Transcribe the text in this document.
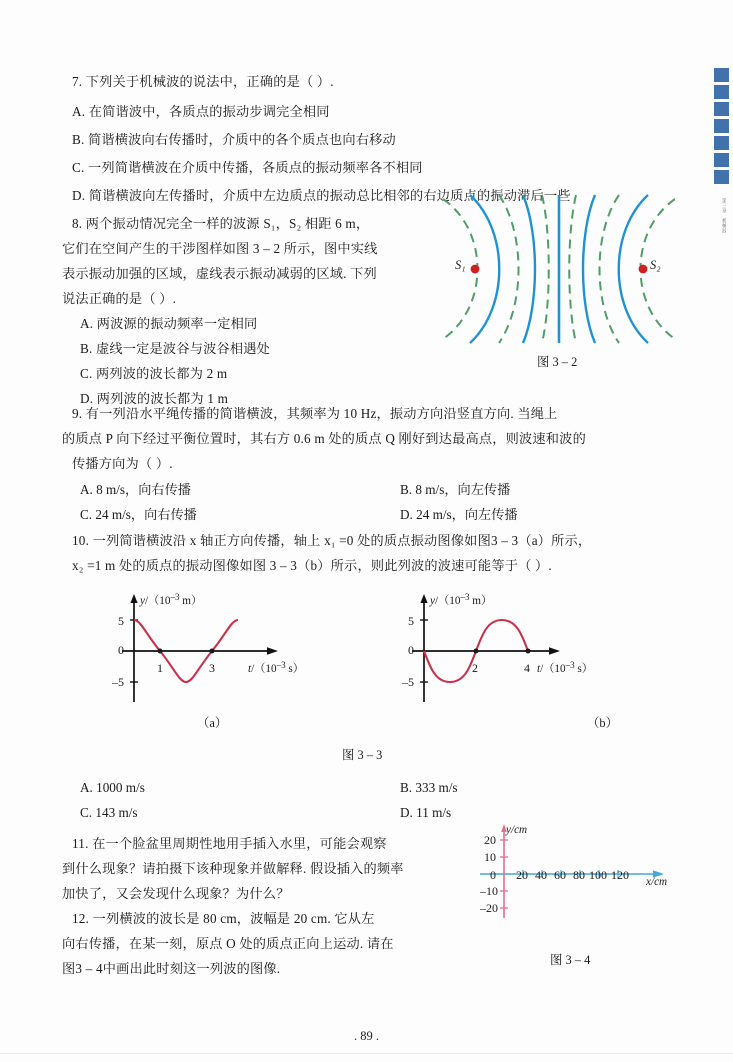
第三章 机械波
7. 下列关于机械波的说法中，正确的是（ ）.
A. 在简谐波中，各质点的振动步调完全相同
B. 简谐横波向右传播时，介质中的各个质点也向右移动
C. 一列简谐横波在介质中传播，各质点的振动频率各不相同
D. 简谐横波向左传播时，介质中左边质点的振动总比相邻的右边质点的振动滞后一些
8. 两个振动情况完全一样的波源 S₁，S₂ 相距 6 m，
它们在空间产生的干涉图样如图 3 – 2 所示，图中实线
表示振动加强的区域，虚线表示振动减弱的区域. 下列
说法正确的是（ ）.
A. 两波源的振动频率一定相同
B. 虚线一定是波谷与波谷相遇处
C. 两列波的波长都为 2 m
D. 两列波的波长都为 1 m
S₁	S₂
图 3 – 2
9. 有一列沿水平绳传播的简谐横波，其频率为 10 Hz，振动方向沿竖直方向. 当绳上
的质点 P 向下经过平衡位置时，其右方 0.6 m 处的质点 Q 刚好到达最高点，则波速和波的
传播方向为（ ）.
A. 8 m/s，向右传播	B. 8 m/s，向左传播
C. 24 m/s，向右传播	D. 24 m/s，向左传播
10. 一列简谐横波沿 x 轴正方向传播，轴上 x₁ =0 处的质点振动图像如图3 – 3（a）所示，
x₂ =1 m 处的质点的振动图像如图 3 – 3（b）所示，则此列波的波速可能等于（ ）.
$y/(10^{-3}$ m）
5
0
–5
1	3	$t/(10^{-3}$ s）
（a）
$y/(10^{-3}$ m）
5
0
–5
2	4 $t/(10^{-3}$ s）
（b）
图 3 – 3
A. 1000 m/s	B. 333 m/s
C. 143 m/s	D. 11 m/s
11. 在一个脸盆里周期性地用手插入水里，可能会观察
到什么现象？请拍摄下该种现象并做解释. 假设插入的频率
加快了，又会发现什么现象？为什么？
12. 一列横波的波长是 80 cm，波幅是 20 cm. 它从左
向右传播，在某一刻，原点 O 处的质点正向上运动. 请在
图3 – 4中画出此时刻这一列波的图像.
y/cm
20
10
0
–10
–20
20 40 60 80 100 120 x/cm
图 3 – 4
. 89 .
